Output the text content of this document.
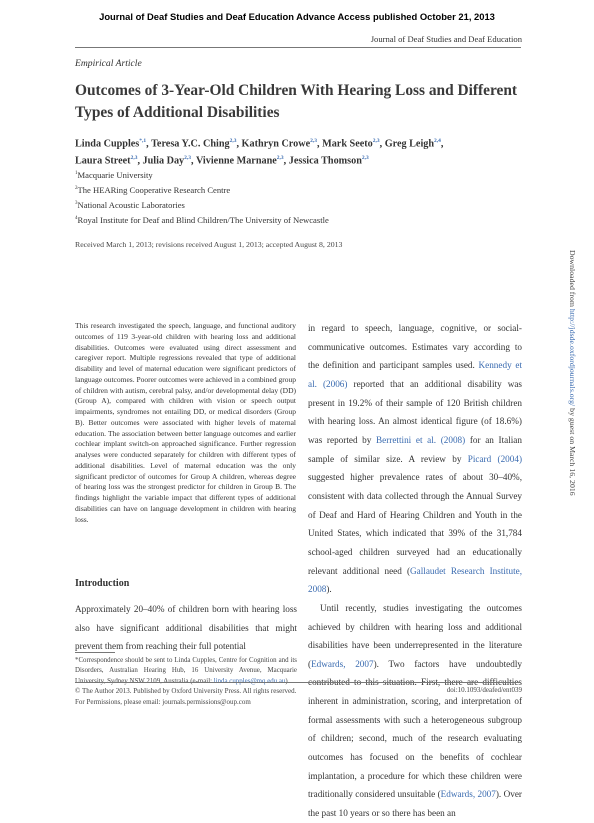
Journal of Deaf Studies and Deaf Education Advance Access published October 21, 2013
Journal of Deaf Studies and Deaf Education
Empirical Article
Outcomes of 3-Year-Old Children With Hearing Loss and Different Types of Additional Disabilities
Linda Cupples$^{*,1}$, Teresa Y.C. Ching$^{2,3}$, Kathryn Crowe$^{2,3}$, Mark Seeto$^{2,3}$, Greg Leigh$^{2,4}$,
Laura Street$^{2,3}$, Julia Day$^{2,3}$, Vivienne Marnane$^{2,3}$, Jessica Thomson$^{2,3}$
$^1$Macquarie University
$^2$The HEARing Cooperative Research Centre
$^3$National Acoustic Laboratories
$^4$Royal Institute for Deaf and Blind Children/The University of Newcastle
Received March 1, 2013; revisions received August 1, 2013; accepted August 8, 2013
This research investigated the speech, language, and functional auditory outcomes of 119 3-year-old children with hearing loss and additional disabilities. Outcomes were evaluated using direct assessment and caregiver report. Multiple regressions revealed that type of additional disability and level of maternal education were significant predictors of language outcomes. Poorer outcomes were achieved in a combined group of children with autism, cerebral palsy, and/or developmental delay (DD) (Group A), compared with children with vision or speech output impairments, syndromes not entailing DD, or medical disorders (Group B). Better outcomes were associated with higher levels of maternal education. The association between better language outcomes and earlier cochlear implant switch-on approached significance. Further regression analyses were conducted separately for children with different types of additional disabilities. Level of maternal education was the only significant predictor of outcomes for Group A children, whereas degree of hearing loss was the strongest predictor for children in Group B. The findings highlight the variable impact that different types of additional disabilities can have on language development in children with hearing loss.
Introduction
Approximately 20–40% of children born with hearing loss also have significant additional disabilities that might prevent them from reaching their full potential

in regard to speech, language, cognitive, or social-communicative outcomes. Estimates vary according to the definition and participant samples used. Kennedy et al. (2006) reported that an additional disability was present in 19.2% of their sample of 120 British children with hearing loss. An almost identical figure (of 18.6%) was reported by Berrettini et al. (2008) for an Italian sample of similar size. A review by Picard (2004) suggested higher prevalence rates of about 30–40%, consistent with data collected through the Annual Survey of Deaf and Hard of Hearing Children and Youth in the United States, which indicated that 39% of the 31,784 school-aged children surveyed had an educationally relevant additional need (Gallaudet Research Institute, 2008).

Until recently, studies investigating the outcomes achieved by children with hearing loss and additional disabilities have been underrepresented in the literature (Edwards, 2007). Two factors have undoubtedly contributed to this situation. First, there are difficulties inherent in administration, scoring, and interpretation of formal assessments with such a heterogeneous subgroup of children; second, much of the research evaluating outcomes has focused on the benefits of cochlear implantation, a procedure for which these children were traditionally considered unsuitable (Edwards, 2007). Over the past 10 years or so there has been an

*Correspondence should be sent to Linda Cupples, Centre for Cognition and its Disorders, Australian Hearing Hub, 16 University Avenue, Macquarie University, Sydney NSW 2109, Australia (e-mail: linda.cupples@mq.edu.au).
© The Author 2013. Published by Oxford University Press. All rights reserved.
For Permissions, please email: journals.permissions@oup.com
doi:10.1093/deafed/ent039
Downloaded from http://jdsde.oxfordjournals.org/ by guest on March 16, 2016
